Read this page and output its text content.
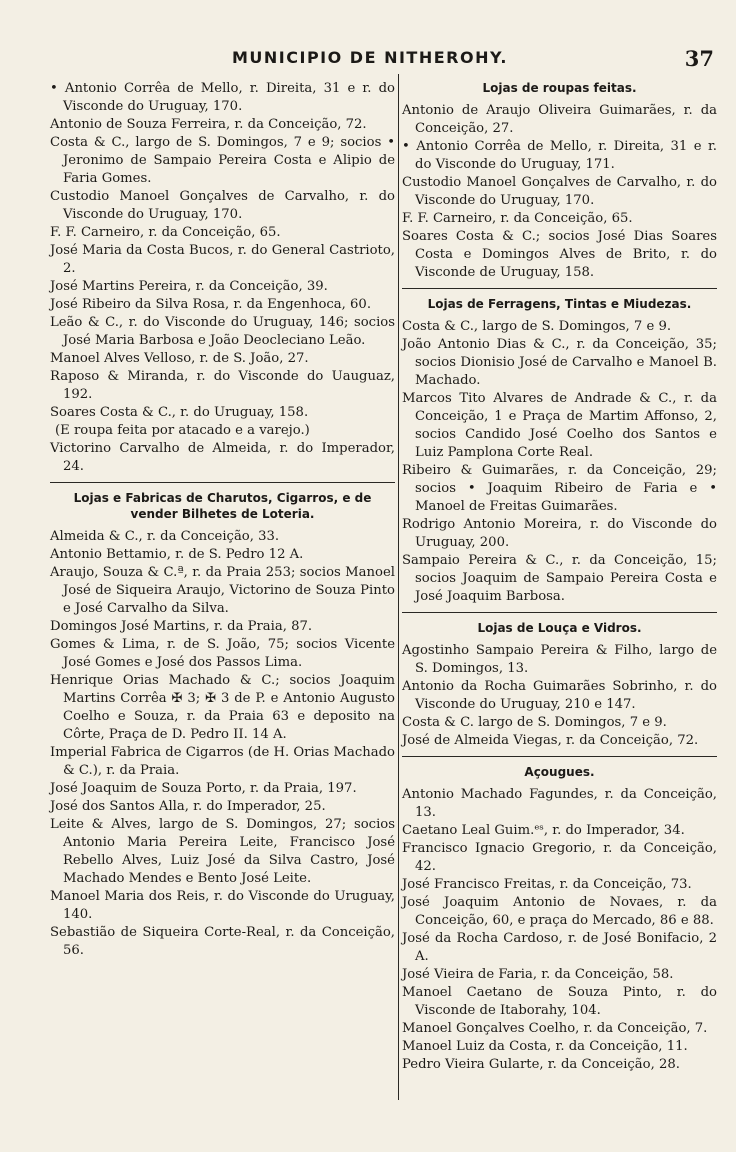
MUNICIPIO DE NITHEROHY.	37
• Antonio Corrêa de Mello, r. Direita, 31 e r. do Visconde do Uruguay, 170.
Antonio de Souza Ferreira, r. da Conceição, 72.
Costa & C., largo de S. Domingos, 7 e 9; socios • Jeronimo de Sampaio Pereira Costa e Alipio de Faria Gomes.
Custodio Manoel Gonçalves de Carvalho, r. do Visconde do Uruguay, 170.
F. F. Carneiro, r. da Conceição, 65.
José Maria da Costa Bucos, r. do General Castrioto, 2.
José Martins Pereira, r. da Conceição, 39.
José Ribeiro da Silva Rosa, r. da Engenhoca, 60.
Leão & C., r. do Visconde do Uruguay, 146; socios José Maria Barbosa e João Deocleciano Leão.
Manoel Alves Velloso, r. de S. João, 27.
Raposo & Miranda, r. do Visconde do Uauguaz, 192.
Soares Costa & C., r. do Uruguay, 158.
(E roupa feita por atacado e a varejo.)
Victorino Carvalho de Almeida, r. do Imperador, 24.
Lojas e Fabricas de Charutos, Cigarros, e de vender Bilhetes de Loteria.
Almeida & C., r. da Conceição, 33.
Antonio Bettamio, r. de S. Pedro 12 A.
Araujo, Souza & C.ª, r. da Praia 253; socios Manoel José de Siqueira Araujo, Victorino de Souza Pinto e José Carvalho da Silva.
Domingos José Martins, r. da Praia, 87.
Gomes & Lima, r. de S. João, 75; socios Vicente José Gomes e José dos Passos Lima.
Henrique Orias Machado & C.; socios Joaquim Martins Corrêa ✠ 3; ✠ 3 de P. e Antonio Augusto Coelho e Souza, r. da Praia 63 e deposito na Côrte, Praça de D. Pedro II. 14 A.
Imperial Fabrica de Cigarros (de H. Orias Machado & C.), r. da Praia.
José Joaquim de Souza Porto, r. da Praia, 197.
José dos Santos Alla, r. do Imperador, 25.
Leite & Alves, largo de S. Domingos, 27; socios Antonio Maria Pereira Leite, Francisco José Rebello Alves, Luiz José da Silva Castro, José Machado Mendes e Bento José Leite.
Manoel Maria dos Reis, r. do Visconde do Uruguay, 140.
Sebastião de Siqueira Corte-Real, r. da Conceição, 56.
Lojas de roupas feitas.
Antonio de Araujo Oliveira Guimarães, r. da Conceição, 27.
• Antonio Corrêa de Mello, r. Direita, 31 e r. do Visconde do Uruguay, 171.
Custodio Manoel Gonçalves de Carvalho, r. do Visconde do Uruguay, 170.
F. F. Carneiro, r. da Conceição, 65.
Soares Costa & C.; socios José Dias Soares Costa e Domingos Alves de Brito, r. do Visconde de Uruguay, 158.
Lojas de Ferragens, Tintas e Miudezas.
Costa & C., largo de S. Domingos, 7 e 9.
João Antonio Dias & C., r. da Conceição, 35; socios Dionisio José de Carvalho e Manoel B. Machado.
Marcos Tito Alvares de Andrade & C., r. da Conceição, 1 e Praça de Martim Affonso, 2, socios Candido José Coelho dos Santos e Luiz Pamplona Corte Real.
Ribeiro & Guimarães, r. da Conceição, 29; socios • Joaquim Ribeiro de Faria e • Manoel de Freitas Guimarães.
Rodrigo Antonio Moreira, r. do Visconde do Uruguay, 200.
Sampaio Pereira & C., r. da Conceição, 15; socios Joaquim de Sampaio Pereira Costa e José Joaquim Barbosa.
Lojas de Louça e Vidros.
Agostinho Sampaio Pereira & Filho, largo de S. Domingos, 13.
Antonio da Rocha Guimarães Sobrinho, r. do Visconde do Uruguay, 210 e 147.
Costa & C. largo de S. Domingos, 7 e 9.
José de Almeida Viegas, r. da Conceição, 72.
Açougues.
Antonio Machado Fagundes, r. da Conceição, 13.
Caetano Leal Guim.ᵉˢ, r. do Imperador, 34.
Francisco Ignacio Gregorio, r. da Conceição, 42.
José Francisco Freitas, r. da Conceição, 73.
José Joaquim Antonio de Novaes, r. da Conceição, 60, e praça do Mercado, 86 e 88.
José da Rocha Cardoso, r. de José Bonifacio, 2 A.
José Vieira de Faria, r. da Conceição, 58.
Manoel Caetano de Souza Pinto, r. do Visconde de Itaborahy, 104.
Manoel Gonçalves Coelho, r. da Conceição, 7.
Manoel Luiz da Costa, r. da Conceição, 11.
Pedro Vieira Gularte, r. da Conceição, 28.
